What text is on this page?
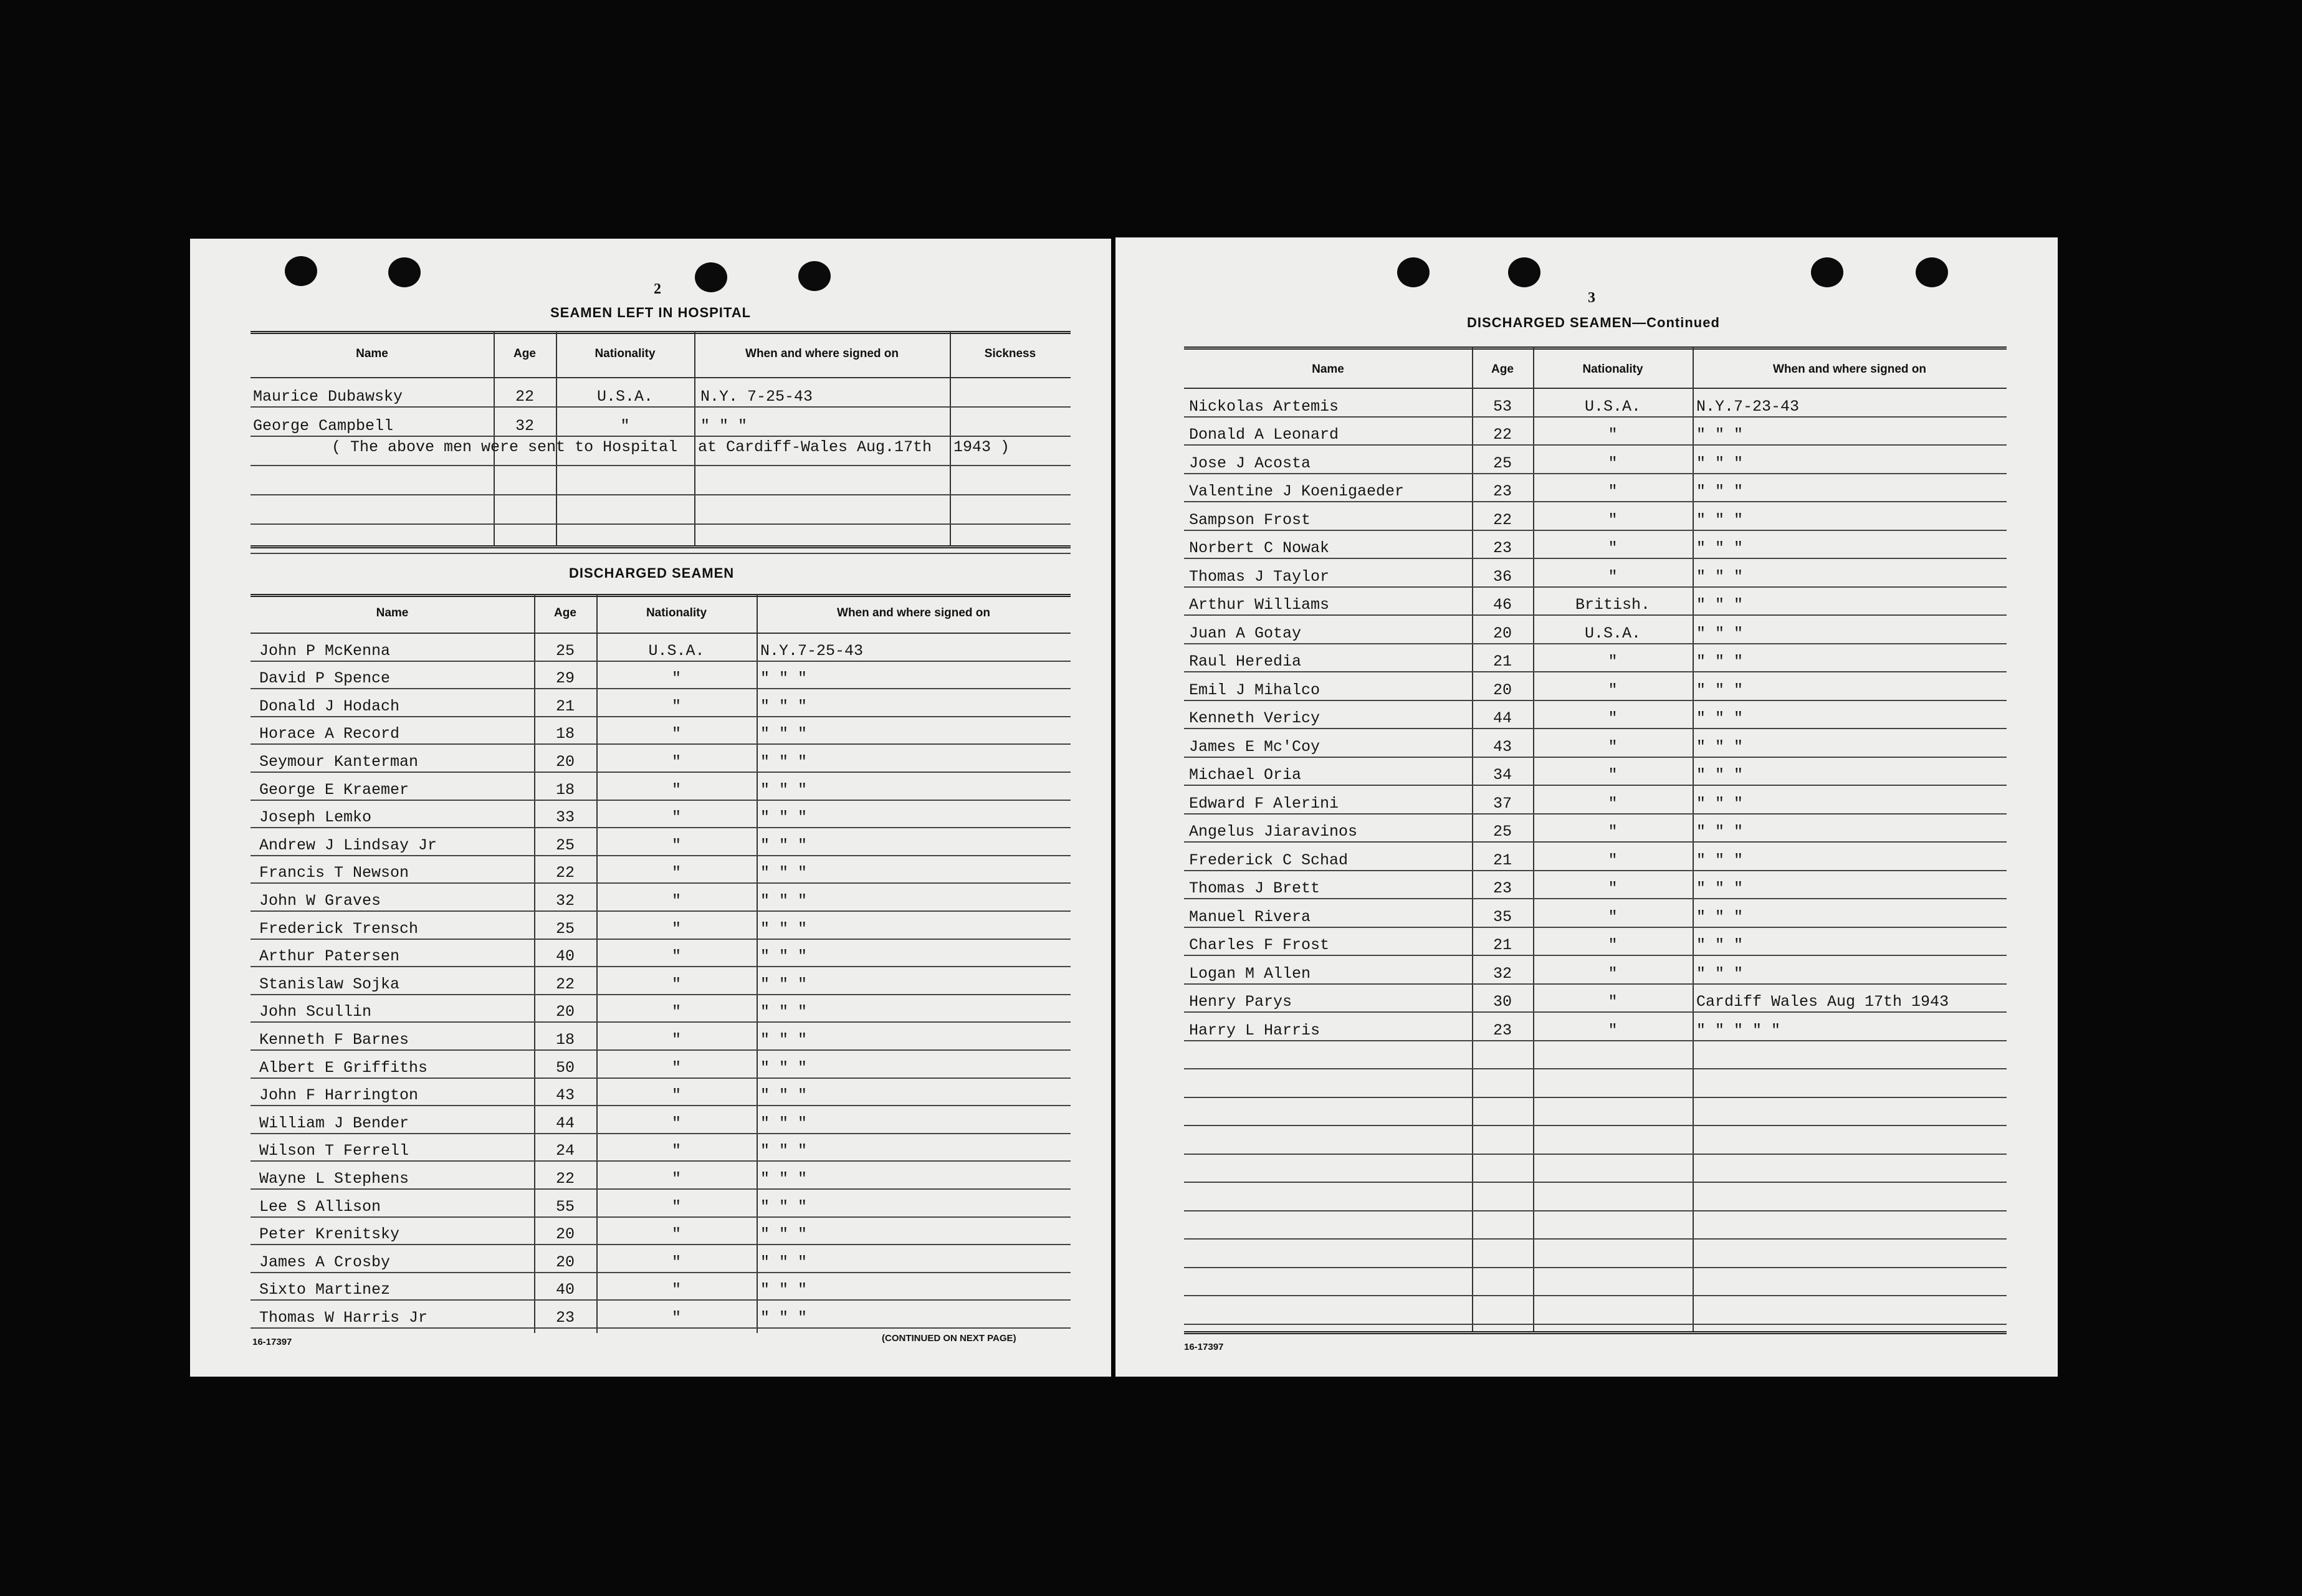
2
SEAMEN LEFT IN HOSPITAL
Name	Age	Nationality	When and where signed on	Sickness
Maurice Dubawsky	22	U.S.A.	N.Y. 7-25-43
George Campbell	32	"	" " "
( The above men were sent to Hospital at Cardiff-Wales Aug.17th 1943 )
DISCHARGED SEAMEN
Name	Age	Nationality	When and where signed on
John P McKenna	25	U.S.A.	N.Y.7-25-43
David P Spence	29	"	" " "
Donald J Hodach	21	"	" " "
Horace A Record	18	"	" " "
Seymour Kanterman	20	"	" " "
George E Kraemer	18	"	" " "
Joseph Lemko	33	"	" " "
Andrew J Lindsay Jr	25	"	" " "
Francis T Newson	22	"	" " "
John W Graves	32	"	" " "
Frederick Trensch	25	"	" " "
Arthur Patersen	40	"	" " "
Stanislaw Sojka	22	"	" " "
John Scullin	20	"	" " "
Kenneth F Barnes	18	"	" " "
Albert E Griffiths	50	"	" " "
John F Harrington	43	"	" " "
William J Bender	44	"	" " "
Wilson T Ferrell	24	"	" " "
Wayne L Stephens	22	"	" " "
Lee S Allison	55	"	" " "
Peter Krenitsky	20	"	" " "
James A Crosby	20	"	" " "
Sixto Martinez	40	"	" " "
Thomas W Harris Jr	23	"	" " "
16-17397	(CONTINUED ON NEXT PAGE)
3
DISCHARGED SEAMEN—Continued
Name	Age	Nationality	When and where signed on
Nickolas Artemis	53	U.S.A.	N.Y.7-23-43
Donald A Leonard	22	"	" " "
Jose J Acosta	25	"	" " "
Valentine J Koenigaeder	23	"	" " "
Sampson Frost	22	"	" " "
Norbert C Nowak	23	"	" " "
Thomas J Taylor	36	"	" " "
Arthur Williams	46	British.	" " "
Juan A Gotay	20	U.S.A.	" " "
Raul Heredia	21	"	" " "
Emil J Mihalco	20	"	" " "
Kenneth Vericy	44	"	" " "
James E Mc'Coy	43	"	" " "
Michael Oria	34	"	" " "
Edward F Alerini	37	"	" " "
Angelus Jiaravinos	25	"	" " "
Frederick C Schad	21	"	" " "
Thomas J Brett	23	"	" " "
Manuel Rivera	35	"	" " "
Charles F Frost	21	"	" " "
Logan M Allen	32	"	" " "
Henry Parys	30	"	Cardiff Wales Aug 17th 1943
Harry L Harris	23	"	" " " " "
16-17397
